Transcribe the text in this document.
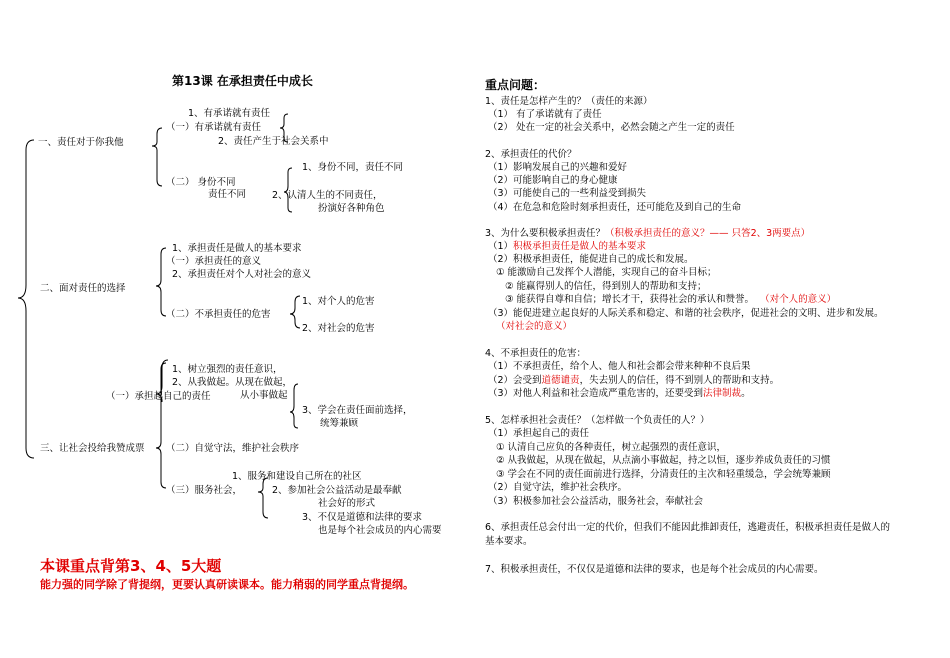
第13课 在承担责任中成长
一、责任对于你我他
1、有承诺就有责任
（一）有承诺就有责任
2、责任产生于社会关系中
（二） 身份不同
责任不同
1、身份不同，责任不同
2、认清人生的不同责任，
扮演好各种角色
二、面对责任的选择
1、承担责任是做人的基本要求
（一）承担责任的意义
2、承担责任对个人对社会的意义
（二）不承担责任的危害
1、对个人的危害
2、对社会的危害
三、让社会投给我赞成票
（一）承担起自己的责任
1、树立强烈的责任意识，
2、从我做起。从现在做起，
从小事做起
3、学会在责任面前选择，
统筹兼顾
（二）自觉守法，维护社会秩序
（三）服务社会，
1、服务和建设自己所在的社区
2、参加社会公益活动是最奉献
社会好的形式
3、不仅是道德和法律的要求
也是每个社会成员的内心需要
本课重点背第3、4、5大题
能力强的同学除了背提纲，更要认真研读课本。能力稍弱的同学重点背提纲。
重点问题：
1、责任是怎样产生的？（责任的来源）
（1） 有了承诺就有了责任
（2） 处在一定的社会关系中，必然会随之产生一定的责任
2、承担责任的代价？
（1）影响发展自己的兴趣和爱好
（2）可能影响自己的身心健康
（3）可能使自己的一些利益受到损失
（4）在危急和危险时刻承担责任，还可能危及到自己的生命
3、为什么要积极承担责任？（积极承担责任的意义？—— 只答2、3两要点）
（1）积极承担责任是做人的基本要求
（2）积极承担责任，能促进自己的成长和发展。
① 能激励自己发挥个人潜能，实现自己的奋斗目标；
② 能赢得别人的信任，得到别人的帮助和支持；
③ 能获得自尊和自信；增长才干，获得社会的承认和赞誉。 （对个人的意义）
（3）能促进建立起良好的人际关系和稳定、和谐的社会秩序，促进社会的文明、进步和发展。
（对社会的意义）
4、不承担责任的危害：
（1）不承担责任，给个人、他人和社会都会带来种种不良后果
（2）会受到道德谴责，失去别人的信任，得不到别人的帮助和支持。
（3）对他人利益和社会造成严重危害的，还要受到法律制裁。
5、怎样承担社会责任？（怎样做一个负责任的人？）
（1）承担起自己的责任
① 认清自己应负的各种责任，树立起强烈的责任意识，
② 从我做起，从现在做起，从点滴小事做起，持之以恒，逐步养成负责任的习惯
③ 学会在不同的责任面前进行选择，分清责任的主次和轻重缓急，学会统筹兼顾
（2）自觉守法，维护社会秩序。
（3）积极参加社会公益活动，服务社会，奉献社会
6、承担责任总会付出一定的代价，但我们不能因此推卸责任，逃避责任，积极承担责任是做人的
基本要求。
7、积极承担责任，不仅仅是道德和法律的要求，也是每个社会成员的内心需要。
